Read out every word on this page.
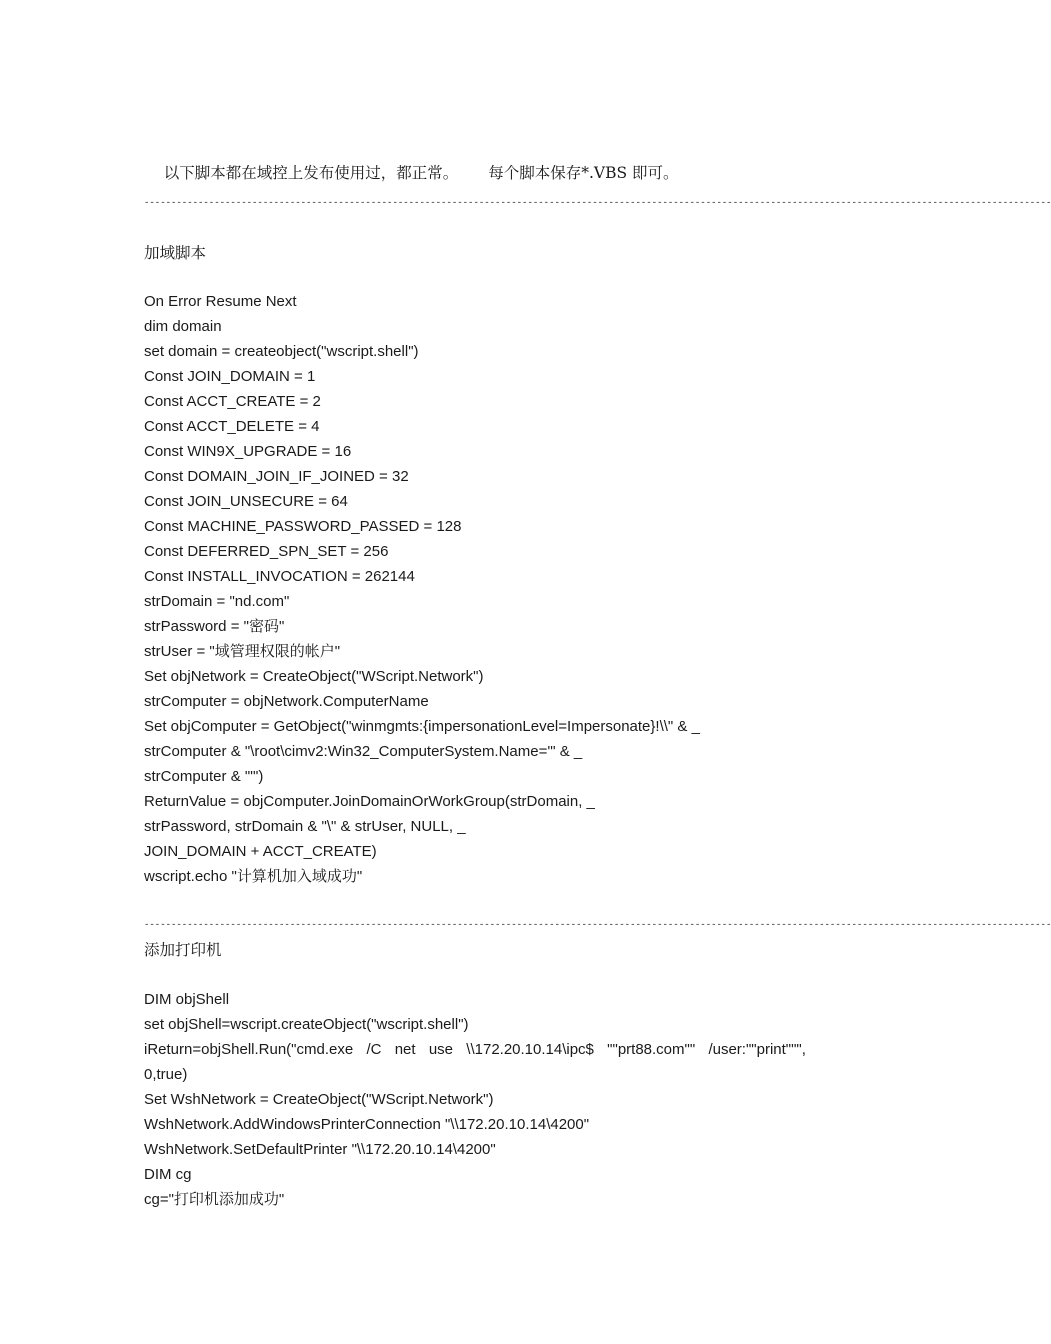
以下脚本都在域控上发布使用过，都正常。 每个脚本保存*.VBS 即可。

------------------------------------------------------------------------------------------------------------------------------------------------------------------------
加域脚本
On Error Resume Next
dim domain
set domain = createobject("wscript.shell")
Const JOIN_DOMAIN = 1
Const ACCT_CREATE = 2
Const ACCT_DELETE = 4
Const WIN9X_UPGRADE = 16
Const DOMAIN_JOIN_IF_JOINED = 32
Const JOIN_UNSECURE = 64
Const MACHINE_PASSWORD_PASSED = 128
Const DEFERRED_SPN_SET = 256
Const INSTALL_INVOCATION = 262144
strDomain = "nd.com"
strPassword = "密码"
strUser = "域管理权限的帐户"
Set objNetwork = CreateObject("WScript.Network")
strComputer = objNetwork.ComputerName
Set objComputer = GetObject("winmgmts:{impersonationLevel=Impersonate}!\\" & _
strComputer & "\root\cimv2:Win32_ComputerSystem.Name='" & _
strComputer & "'")
ReturnValue = objComputer.JoinDomainOrWorkGroup(strDomain, _
strPassword, strDomain & "\" & strUser, NULL, _
JOIN_DOMAIN + ACCT_CREATE)
wscript.echo "计算机加入域成功"
------------------------------------------------------------------------------------------------------------------------------------------------------------------------
添加打印机
DIM objShell
set objShell=wscript.createObject("wscript.shell")
iReturn=objShell.Run("cmd.exe /C net use \\172.20.10.14\ipc$ ""prt88.com"" /user:""print""",
0,true)
Set WshNetwork = CreateObject("WScript.Network")
WshNetwork.AddWindowsPrinterConnection "\\172.20.10.14\4200"
WshNetwork.SetDefaultPrinter "\\172.20.10.14\4200"
DIM cg
cg="打印机添加成功"
